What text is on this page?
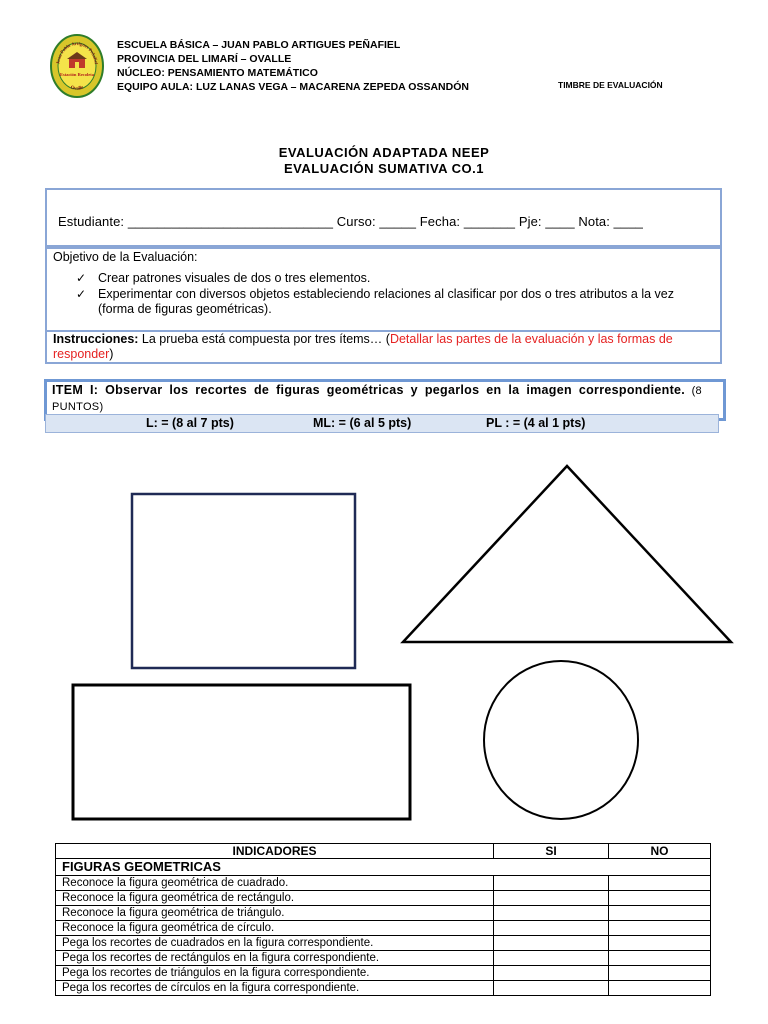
Juan Pablo Artigues Peñafiel
Estación Recoleta
Ovalle
ESCUELA BÁSICA – JUAN PABLO ARTIGUES PEÑAFIEL
PROVINCIA DEL LIMARÍ – OVALLE
NÚCLEO: PENSAMIENTO MATEMÁTICO
EQUIPO AULA: LUZ LANAS VEGA – MACARENA ZEPEDA OSSANDÓN	TIMBRE DE EVALUACIÓN
EVALUACIÓN ADAPTADA NEEP
EVALUACIÓN SUMATIVA CO.1
Estudiante: ____________________________ Curso: _____ Fecha: _______ Pje: ____ Nota: ____
Objetivo de la Evaluación:
✓ Crear patrones visuales de dos o tres elementos.
✓ Experimentar con diversos objetos estableciendo relaciones al clasificar por dos o tres atributos a la vez (forma de figuras geométricas).
Instrucciones: La prueba está compuesta por tres ítems… (Detallar las partes de la evaluación y las formas de responder)
ITEM I: Observar los recortes de figuras geométricas y pegarlos en la imagen correspondiente. (8 PUNTOS)
L: = (8 al 7 pts)	ML: = (6 al 5 pts)	PL : = (4 al 1 pts)
INDICADORES	SI	NO
FIGURAS GEOMETRICAS		
Reconoce la figura geométrica de cuadrado.		
Reconoce la figura geométrica de rectángulo.		
Reconoce la figura geométrica de triángulo.		
Reconoce la figura geométrica de círculo.		
Pega los recortes de cuadrados en la figura correspondiente.		
Pega los recortes de rectángulos en la figura correspondiente.		
Pega los recortes de triángulos en la figura correspondiente.		
Pega los recortes de círculos en la figura correspondiente.		
